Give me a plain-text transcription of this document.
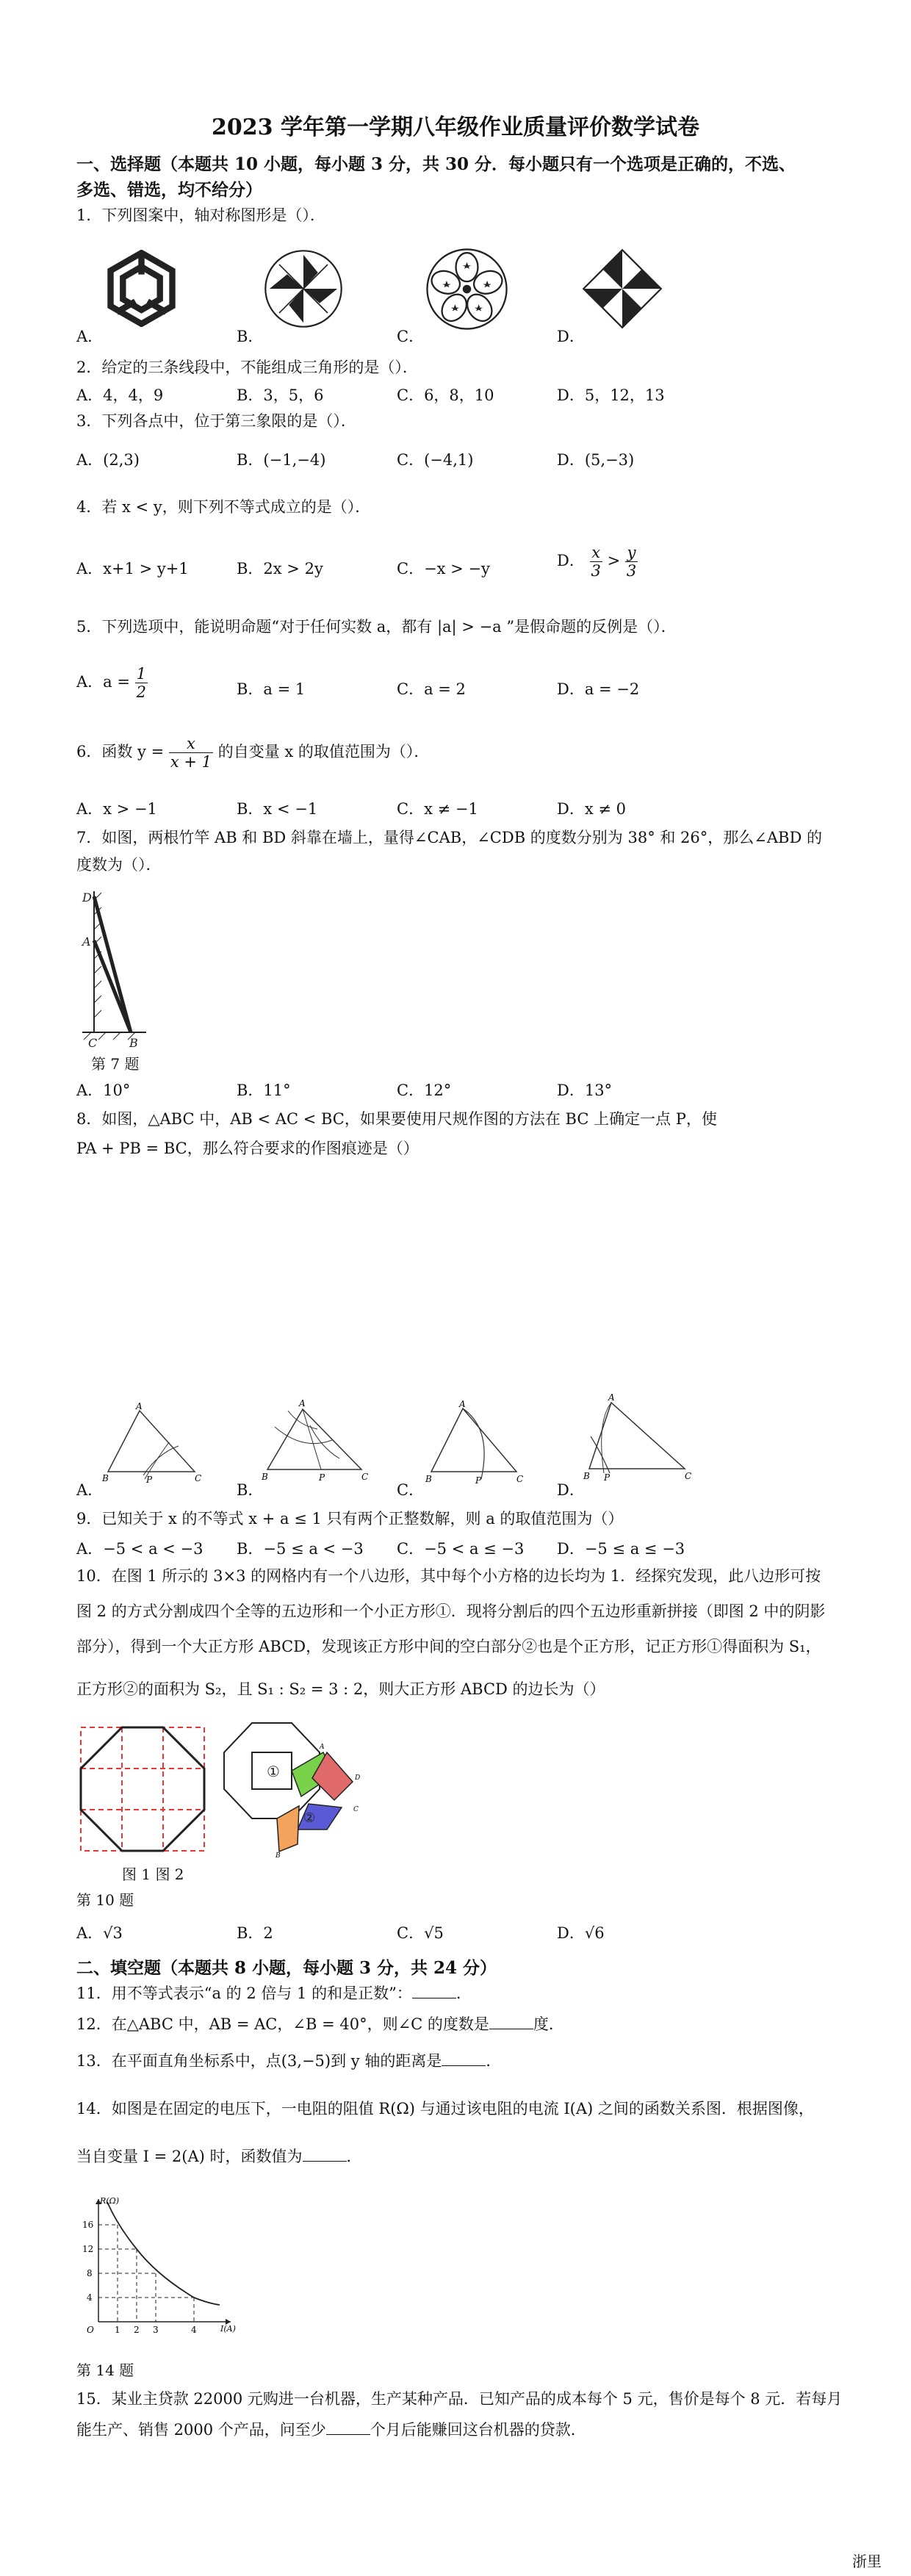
2023 学年第一学期八年级作业质量评价数学试卷
一、选择题（本题共 10 小题，每小题 3 分，共 30 分．每小题只有一个选项是正确的，不选、
多选、错选，均不给分）
1．下列图案中，轴对称图形是（）．
A．	B．	C．	D．
2．给定的三条线段中，不能组成三角形的是（）．
A．4，4，9	B．3，5，6	C．6，8，10	D．5，12，13
3．下列各点中，位于第三象限的是（）．
A．(2,3)	B．(−1,−4)	C．(−4,1)	D．(5,−3)
4．若 x < y，则下列不等式成立的是（）．
A．x+1 > y+1	B．2x > 2y	C．−x > −y	D． $\frac{x}{3} > \frac{y}{3}$
5．下列选项中，能说明命题“对于任何实数 a，都有 |a| > −a ”是假命题的反例是（）．
A．$a = \frac{1}{2}$	B．a = 1	C．a = 2	D．a = −2
6．函数 $y = \frac{x}{x + 1}$ 的自变量 x 的取值范围为（）．
A．x > −1	B．x < −1	C．x ≠ −1	D．x ≠ 0
7．如图，两根竹竿 AB 和 BD 斜靠在墙上，量得∠CAB，∠CDB 的度数分别为 38° 和 26°，那么∠ABD 的
度数为（）．
D
A
C	B
第 7 题
A．10°	B．11°	C．12°	D．13°
8．如图，△ABC 中，AB < AC < BC，如果要使用尺规作图的方法在 BC 上确定一点 P，使
PA + PB = BC，那么符合要求的作图痕迹是（）
A
B	P	C
A
B	P	C
A
B	P	C
A
B P	C
A．	B．	C．	D．
9．已知关于 x 的不等式 x + a ≤ 1 只有两个正整数解，则 a 的取值范围为（）
A．−5 < a < −3 B．−5 ≤ a < −3 C．−5 < a ≤ −3 D．−5 ≤ a ≤ −3
10．在图 1 所示的 3×3 的网格内有一个八边形，其中每个小方格的边长均为 1．经探究发现，此八边形可按
图 2 的方式分割成四个全等的五边形和一个小正方形①．现将分割后的四个五边形重新拼接（即图 2 中的阴影
部分），得到一个大正方形 ABCD，发现该正方形中间的空白部分②也是个正方形，记正方形①得面积为 S₁，
正方形②的面积为 S₂，且 S₁ : S₂ = 3 : 2，则大正方形 ABCD 的边长为（）
①
②
A
B
C
D
图 1 图 2
第 10 题
A．√3	B．2	C．√5	D．√6
二、填空题（本题共 8 小题，每小题 3 分，共 24 分）
11．用不等式表示“a 的 2 倍与 1 的和是正数”：	．
12．在△ABC 中，AB = AC，∠B = 40°，则∠C 的度数是	度．
13．在平面直角坐标系中，点(3,−5)到 y 轴的距离是	．
14．如图是在固定的电压下，一电阻的阻值 R(Ω) 与通过该电阻的电流 I(A) 之间的函数关系图．根据图像，
当自变量 I = 2(A) 时，函数值为	．
R(Ω)
I(A)
16
12
8
4
1 2 3	4
O
第 14 题
15．某业主贷款 22000 元购进一台机器，生产某种产品．已知产品的成本每个 5 元，售价是每个 8 元．若每月
能生产、销售 2000 个产品，问至少	个月后能赚回这台机器的贷款．
浙里
